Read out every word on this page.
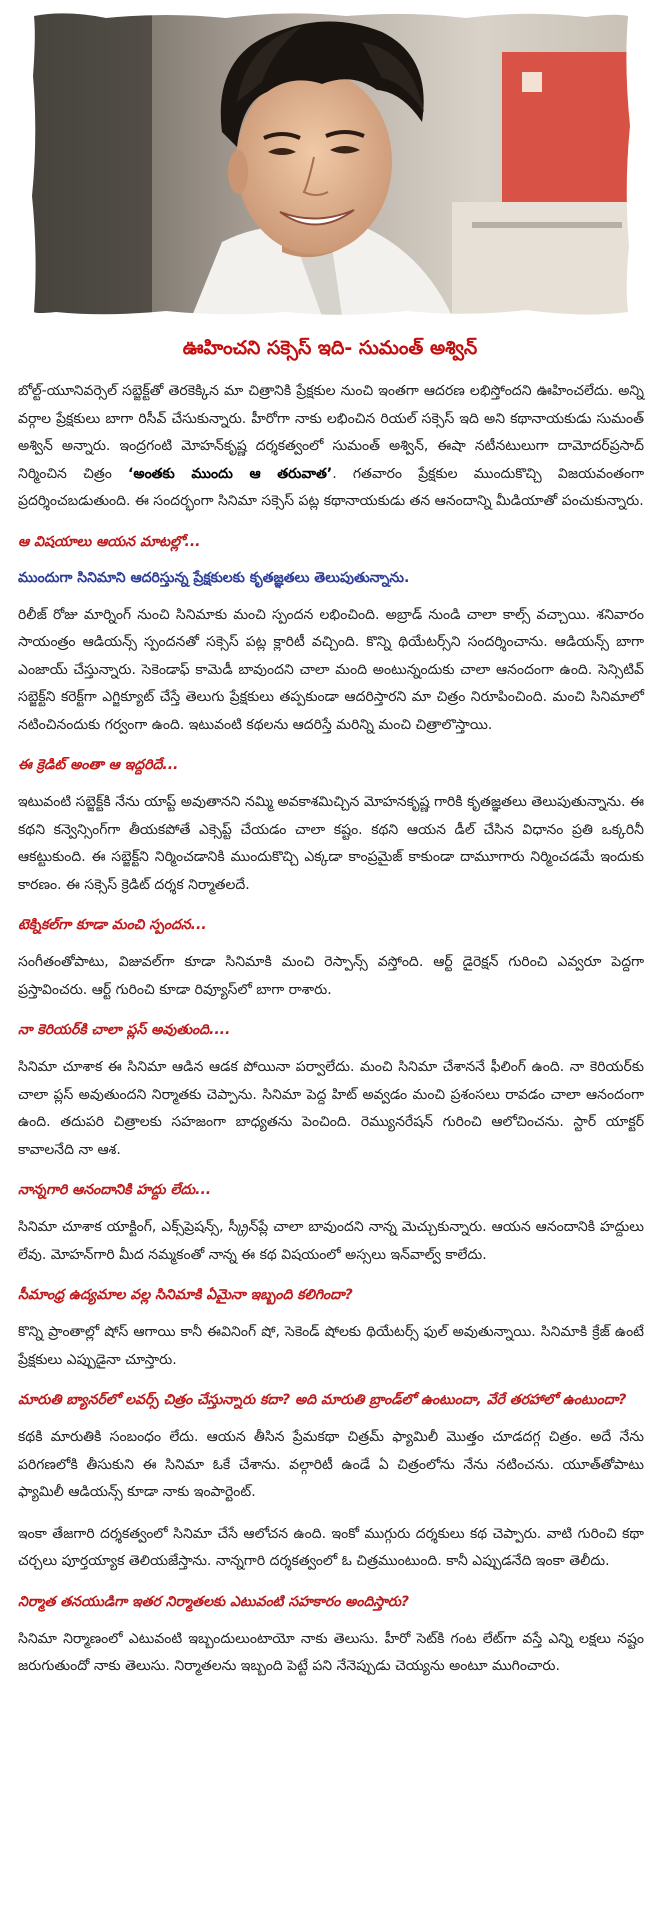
ఊహించని సక్సెస్‌ ఇది- సుమంత్‌ అశ్విన్‌

బోల్ట్‌-యూనివర్సెల్‌ సబ్జెక్ట్‌తో తెరకెక్కిన మా చిత్రానికి ప్రేక్షకుల నుంచి ఇంతగా ఆదరణ లభిస్తోందని ఊహించలేదు. అన్ని వర్గాల ప్రేక్షకులు బాగా రిసీవ్‌ చేసుకున్నారు. హీరోగా నాకు లభించిన రియల్‌ సక్సెస్‌ ఇది అని కథానాయకుడు సుమంత్‌ అశ్విన్‌ అన్నారు. ఇంద్రగంటి మోహన్‌కృష్ణ దర్శకత్వంలో సుమంత్‌ అశ్విన్‌, ఈషా నటీనటులుగా దామోదర్‌ప్రసాద్‌ నిర్మించిన చిత్రం ‘అంతకు ముందు ఆ తరువాత’. గతవారం ప్రేక్షకుల ముందుకొచ్చి విజయవంతంగా ప్రదర్శించబడుతుంది. ఈ సందర్భంగా సినిమా సక్సెస్‌ పట్ల కథానాయకుడు తన ఆనందాన్ని మీడియాతో పంచుకున్నారు.

ఆ విషయాలు ఆయన మాటల్లో...

ముందుగా సినిమాని ఆదరిస్తున్న ప్రేక్షకులకు కృతజ్ఞతలు తెలుపుతున్నాను.

రిలీజ్‌ రోజు మార్నింగ్‌ నుంచి సినిమాకు మంచి స్పందన లభించింది. అబ్రాడ్‌ నుండి చాలా కాల్స్‌ వచ్చాయి. శనివారం సాయంత్రం ఆడియన్స్‌ స్పందనతో సక్సెస్‌ పట్ల క్లారిటీ వచ్చింది. కొన్ని థియేటర్స్‌ని సందర్శించాను. ఆడియన్స్‌ బాగా ఎంజాయ్‌ చేస్తున్నారు. సెకెండాఫ్‌ కామెడీ బావుందని చాలా మంది అంటున్నందుకు చాలా ఆనందంగా ఉంది. సెన్సిటివ్‌ సబ్జెక్ట్‌ని కరెక్ట్‌గా ఎగ్జిక్యూట్‌ చేస్తే తెలుగు ప్రేక్షకులు తప్పకుండా ఆదరిస్తారని మా చిత్రం నిరూపించింది. మంచి సినిమాలో నటించినందుకు గర్వంగా ఉంది. ఇటువంటి కథలను ఆదరిస్తే మరిన్ని మంచి చిత్రాలొస్తాయి.

ఈ క్రెడిట్‌ అంతా ఆ ఇద్దరిదే...

ఇటువంటి సబ్జెక్ట్‌కి నేను యాప్ట్‌ అవుతానని నమ్మి అవకాశమిచ్చిన మోహనకృష్ణ గారికి కృతజ్ఞతలు తెలుపుతున్నాను. ఈ కథని కన్వెన్సింగ్‌గా తీయకపోతే ఎక్సెప్ట్‌ చేయడం చాలా కష్టం. కథని ఆయన డీల్‌ చేసిన విధానం ప్రతి ఒక్కరినీ ఆకట్టుకుంది. ఈ సబ్జెక్ట్‌ని నిర్మించడానికి ముందుకొచ్చి ఎక్కడా కాంప్రమైజ్‌ కాకుండా దామూగారు నిర్మించడమే ఇందుకు కారణం. ఈ సక్సెస్‌ క్రెడిట్‌ దర్శక నిర్మాతలదే.

టెక్నికల్‌గా కూడా మంచి స్పందన...

సంగీతంతోపాటు, విజువల్‌గా కూడా సినిమాకి మంచి రెస్పాన్స్‌ వస్తోంది. ఆర్ట్‌ డైరెక్షన్‌ గురించి ఎవ్వరూ పెద్దగా ప్రస్తావించరు. ఆర్ట్‌ గురించి కూడా రివ్యూస్‌లో బాగా రాశారు.

నా కెరియర్‌కి చాలా ప్లస్‌ అవుతుంది....

సినిమా చూశాక ఈ సినిమా ఆడిన ఆడక పోయినా పర్వాలేదు. మంచి సినిమా చేశాననే ఫీలింగ్‌ ఉంది. నా కెరియర్‌కు చాలా ప్లస్‌ అవుతుందని నిర్మాతకు చెప్పాను. సినిమా పెద్ద హిట్‌ అవ్వడం మంచి ప్రశంసలు రావడం చాలా ఆనందంగా ఉంది. తదుపరి చిత్రాలకు సహజంగా బాధ్యతను పెంచింది. రెమ్యునరేషన్‌ గురించి ఆలోచించను. స్టార్‌ యాక్టర్‌ కావాలనేది నా ఆశ.

నాన్నగారి ఆనందానికి హద్దు లేదు...

సినిమా చూశాక యాక్టింగ్‌, ఎక్స్‌ప్రెషన్స్‌, స్క్రీన్‌ప్లే చాలా బావుందని నాన్న మెచ్చుకున్నారు. ఆయన ఆనందానికి హద్దులు లేవు. మోహన్‌గారి మీద నమ్మకంతో నాన్న ఈ కథ విషయంలో అస్సలు ఇన్‌వాల్వ్‌ కాలేదు.

సీమాంధ్ర ఉద్యమాల వల్ల సినిమాకి ఏమైనా ఇబ్బంది కలిగిందా?

కొన్ని ప్రాంతాల్లో షోస్‌ ఆగాయి కానీ ఈవినింగ్‌ షో, సెకెండ్‌ షోలకు థియేటర్స్‌ ఫుల్‌ అవుతున్నాయి. సినిమాకి క్రేజ్‌ ఉంటే ప్రేక్షకులు ఎప్పుడైనా చూస్తారు.

మారుతి బ్యానర్‌లో లవర్స్‌ చిత్రం చేస్తున్నారు కదా? అది మారుతి బ్రాండ్‌లో ఉంటుందా, వేరే తరహాలో ఉంటుందా?

కథకి మారుతికి సంబంధం లేదు. ఆయన తీసిన ప్రేమకథా చిత్రమ్‌ ఫ్యామిలీ మొత్తం చూడదగ్గ చిత్రం. అదే నేను పరిగణలోకి తీసుకుని ఈ సినిమా ఓకే చేశాను. వల్గారిటీ ఉండే ఏ చిత్రంలోను నేను నటించను. యూత్‌తోపాటు ఫ్యామిలీ ఆడియన్స్‌ కూడా నాకు ఇంపార్టెంట్‌.

ఇంకా తేజగారి దర్శకత్వంలో సినిమా చేసే ఆలోచన ఉంది. ఇంకో ముగ్గురు దర్శకులు కథ చెప్పారు. వాటి గురించి కథా చర్చలు పూర్తయ్యాక తెలియజేస్తాను. నాన్నగారి దర్శకత్వంలో ఓ చిత్రముంటుంది. కానీ ఎప్పుడనేది ఇంకా తెలీదు.

నిర్మాత తనయుడిగా ఇతర నిర్మాతలకు ఎటువంటి సహకారం అందిస్తారు?

సినిమా నిర్మాణంలో ఎటువంటి ఇబ్బందులుంటాయో నాకు తెలుసు. హీరో సెట్‌కి గంట లేట్‌గా వస్తే ఎన్ని లక్షలు నష్టం జరుగుతుందో నాకు తెలుసు. నిర్మాతలను ఇబ్బంది పెట్టే పని నేనెప్పుడు చెయ్యను అంటూ ముగించారు.
